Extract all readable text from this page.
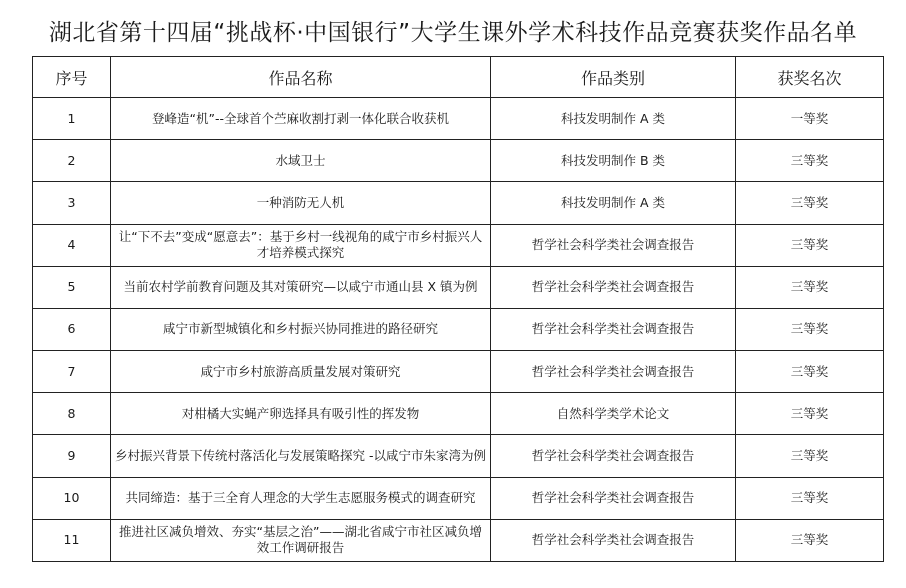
湖北省第十四届“挑战杯·中国银行”大学生课外学术科技作品竞赛获奖作品名单
序号	作品名称	作品类别	获奖名次
1	登峰造“机”--全球首个苎麻收割打剥一体化联合收获机	科技发明制作 A 类	一等奖
2	水域卫士	科技发明制作 B 类	三等奖
3	一种消防无人机	科技发明制作 A 类	三等奖
4	让“下不去”变成“愿意去”：基于乡村一线视角的咸宁市乡村振兴人才培养模式探究	哲学社会科学类社会调查报告	三等奖
5	当前农村学前教育问题及其对策研究—以咸宁市通山县 X 镇为例	哲学社会科学类社会调查报告	三等奖
6	咸宁市新型城镇化和乡村振兴协同推进的路径研究	哲学社会科学类社会调查报告	三等奖
7	咸宁市乡村旅游高质量发展对策研究	哲学社会科学类社会调查报告	三等奖
8	对柑橘大实蝇产卵选择具有吸引性的挥发物	自然科学类学术论文	三等奖
9	乡村振兴背景下传统村落活化与发展策略探究 -以咸宁市朱家湾为例	哲学社会科学类社会调查报告	三等奖
10	共同缔造：基于三全育人理念的大学生志愿服务模式的调查研究	哲学社会科学类社会调查报告	三等奖
11	推进社区减负增效、夯实“基层之治”——湖北省咸宁市社区减负增效工作调研报告	哲学社会科学类社会调查报告	三等奖
